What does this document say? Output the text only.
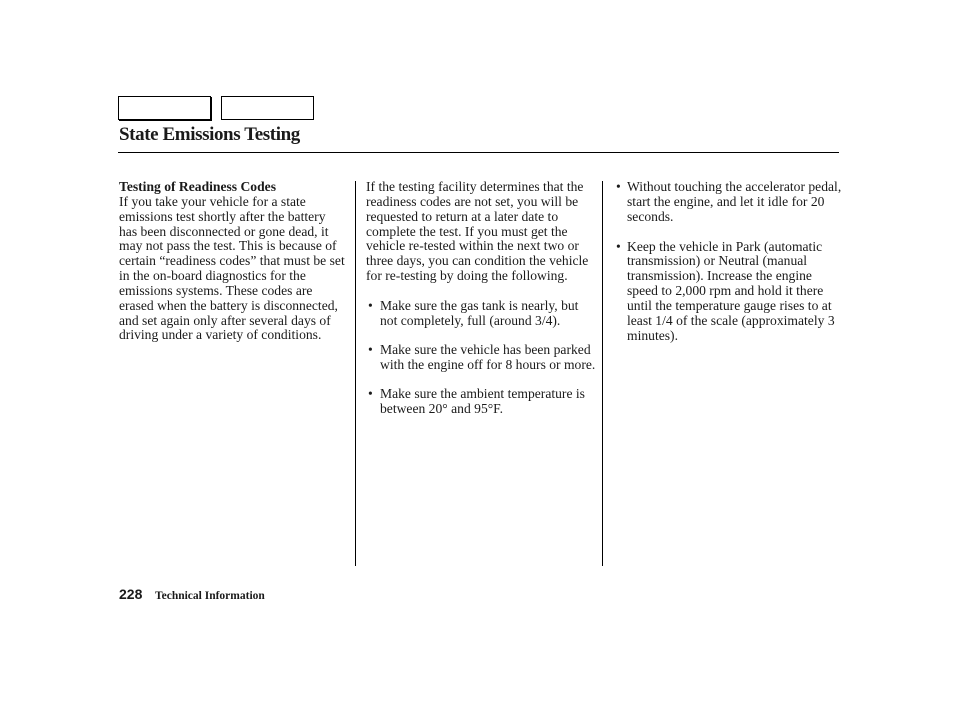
State Emissions Testing

Testing of Readiness Codes

If you take your vehicle for a state emissions test shortly after the battery has been disconnected or gone dead, it may not pass the test. This is because of certain “readiness codes” that must be set in the on-board diagnostics for the emissions systems. These codes are erased when the battery is disconnected, and set again only after several days of driving under a variety of conditions.

If the testing facility determines that the readiness codes are not set, you will be requested to return at a later date to complete the test. If you must get the vehicle re-tested within the next two or three days, you can condition the vehicle for re-testing by doing the following.

• Make sure the gas tank is nearly, but not completely, full (around 3/4).
• Make sure the vehicle has been parked with the engine off for 8 hours or more.
• Make sure the ambient temperature is between 20° and 95°F.
• Without touching the accelerator pedal, start the engine, and let it idle for 20 seconds.
• Keep the vehicle in Park (automatic transmission) or Neutral (manual transmission). Increase the engine speed to 2,000 rpm and hold it there until the temperature gauge rises to at least 1/4 of the scale (approximately 3 minutes).
228 Technical Information
